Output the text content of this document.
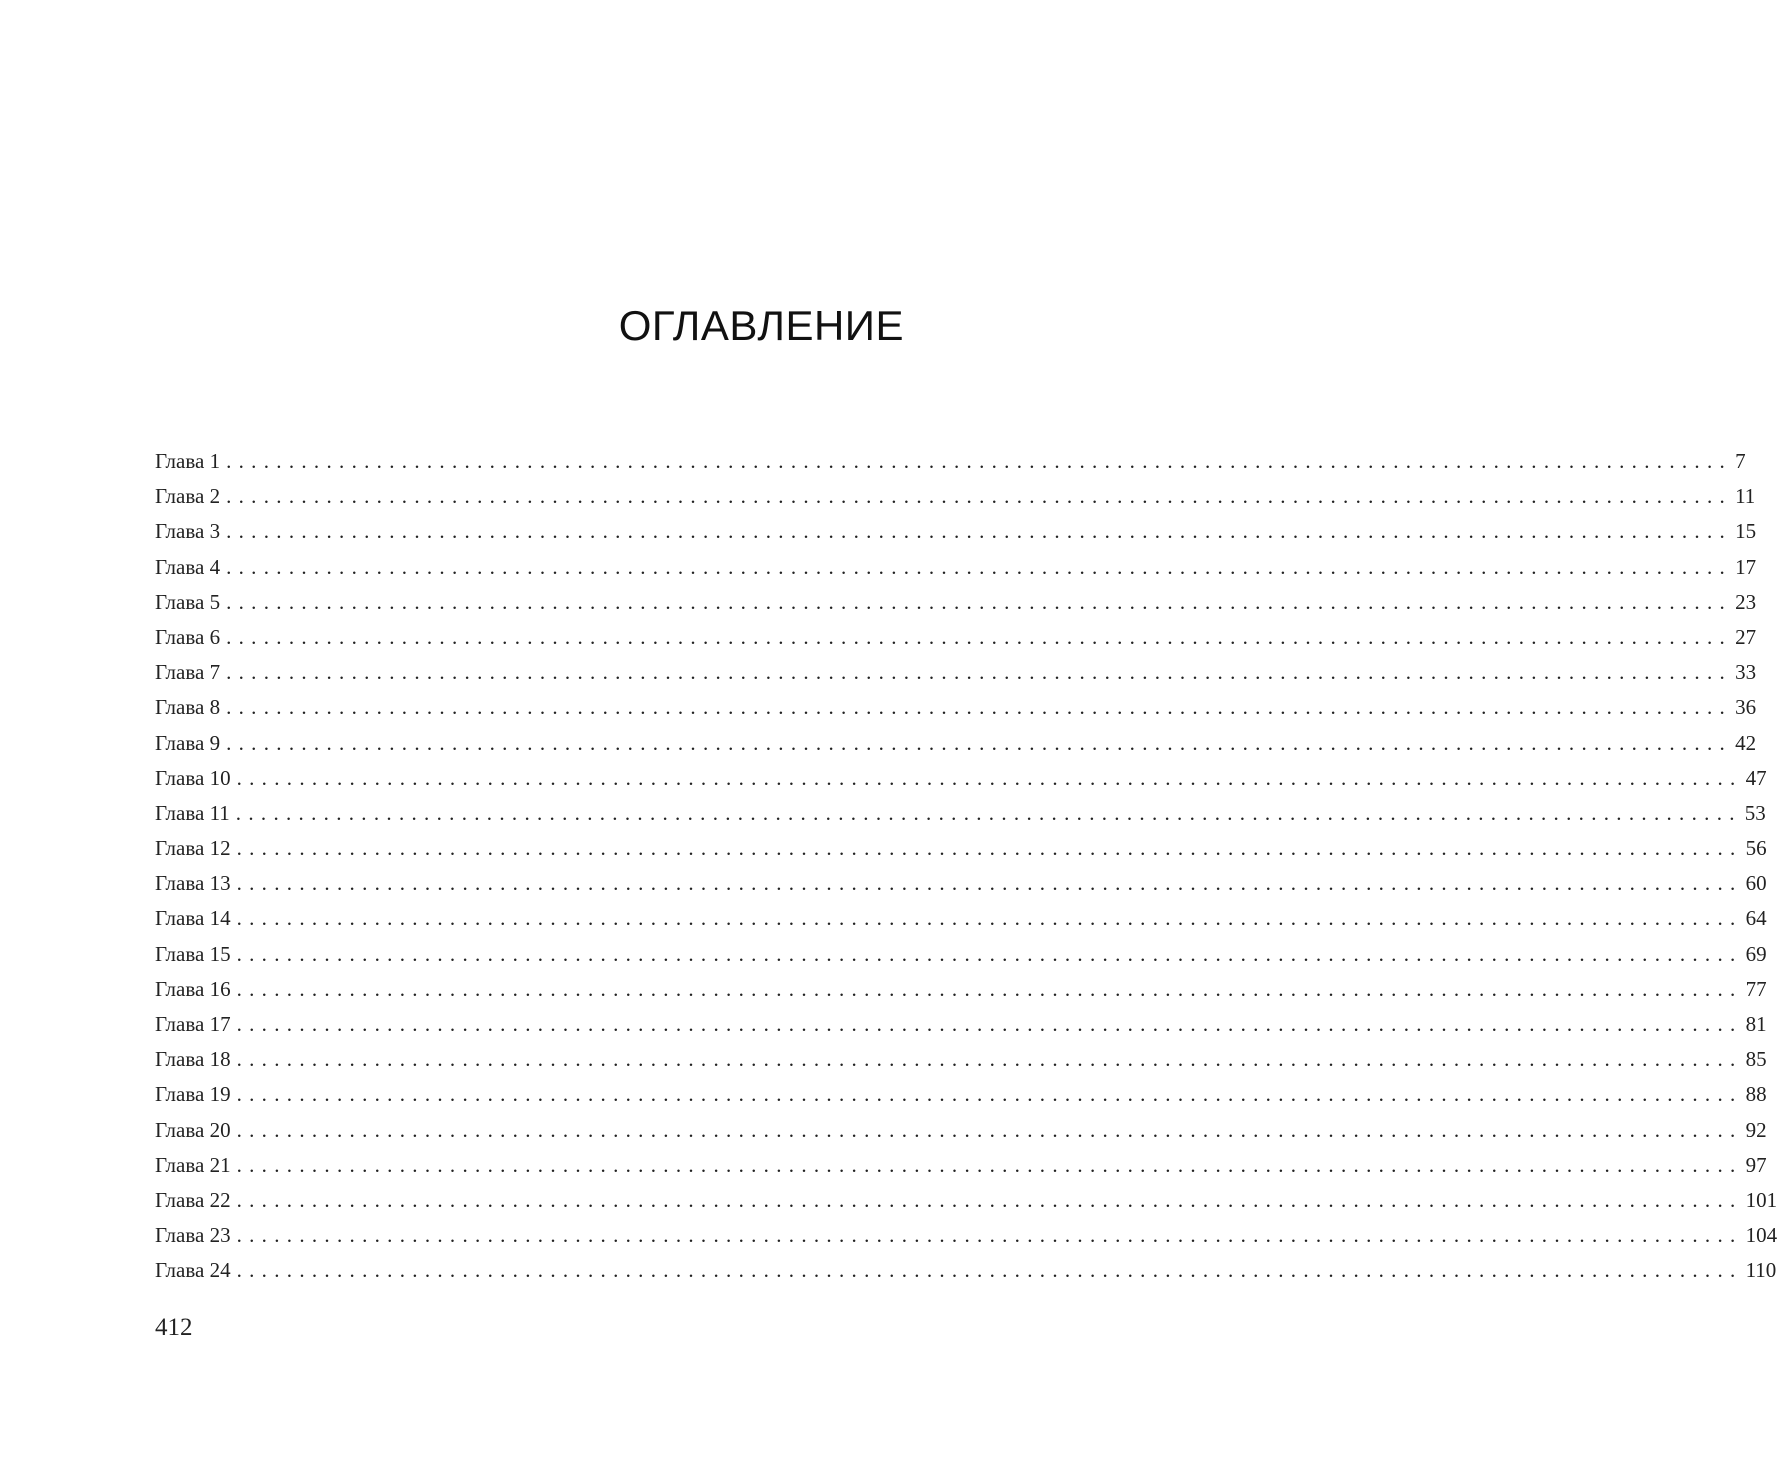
ОГЛАВЛЕНИЕ
Глава 1 ........................................................................................................................ 7
Глава 2 ........................................................................................................................ 11
Глава 3 ........................................................................................................................ 15
Глава 4 ........................................................................................................................ 17
Глава 5 ........................................................................................................................ 23
Глава 6 ........................................................................................................................ 27
Глава 7 ........................................................................................................................ 33
Глава 8 ........................................................................................................................ 36
Глава 9 ........................................................................................................................ 42
Глава 10 ........................................................................................................................ 47
Глава 11 ........................................................................................................................ 53
Глава 12 ........................................................................................................................ 56
Глава 13 ........................................................................................................................ 60
Глава 14 ........................................................................................................................ 64
Глава 15 ........................................................................................................................ 69
Глава 16 ........................................................................................................................ 77
Глава 17 ........................................................................................................................ 81
Глава 18 ........................................................................................................................ 85
Глава 19 ........................................................................................................................ 88
Глава 20 ........................................................................................................................ 92
Глава 21 ........................................................................................................................ 97
Глава 22 ........................................................................................................................ 101
Глава 23 ........................................................................................................................ 104
Глава 24 ........................................................................................................................ 110
412
